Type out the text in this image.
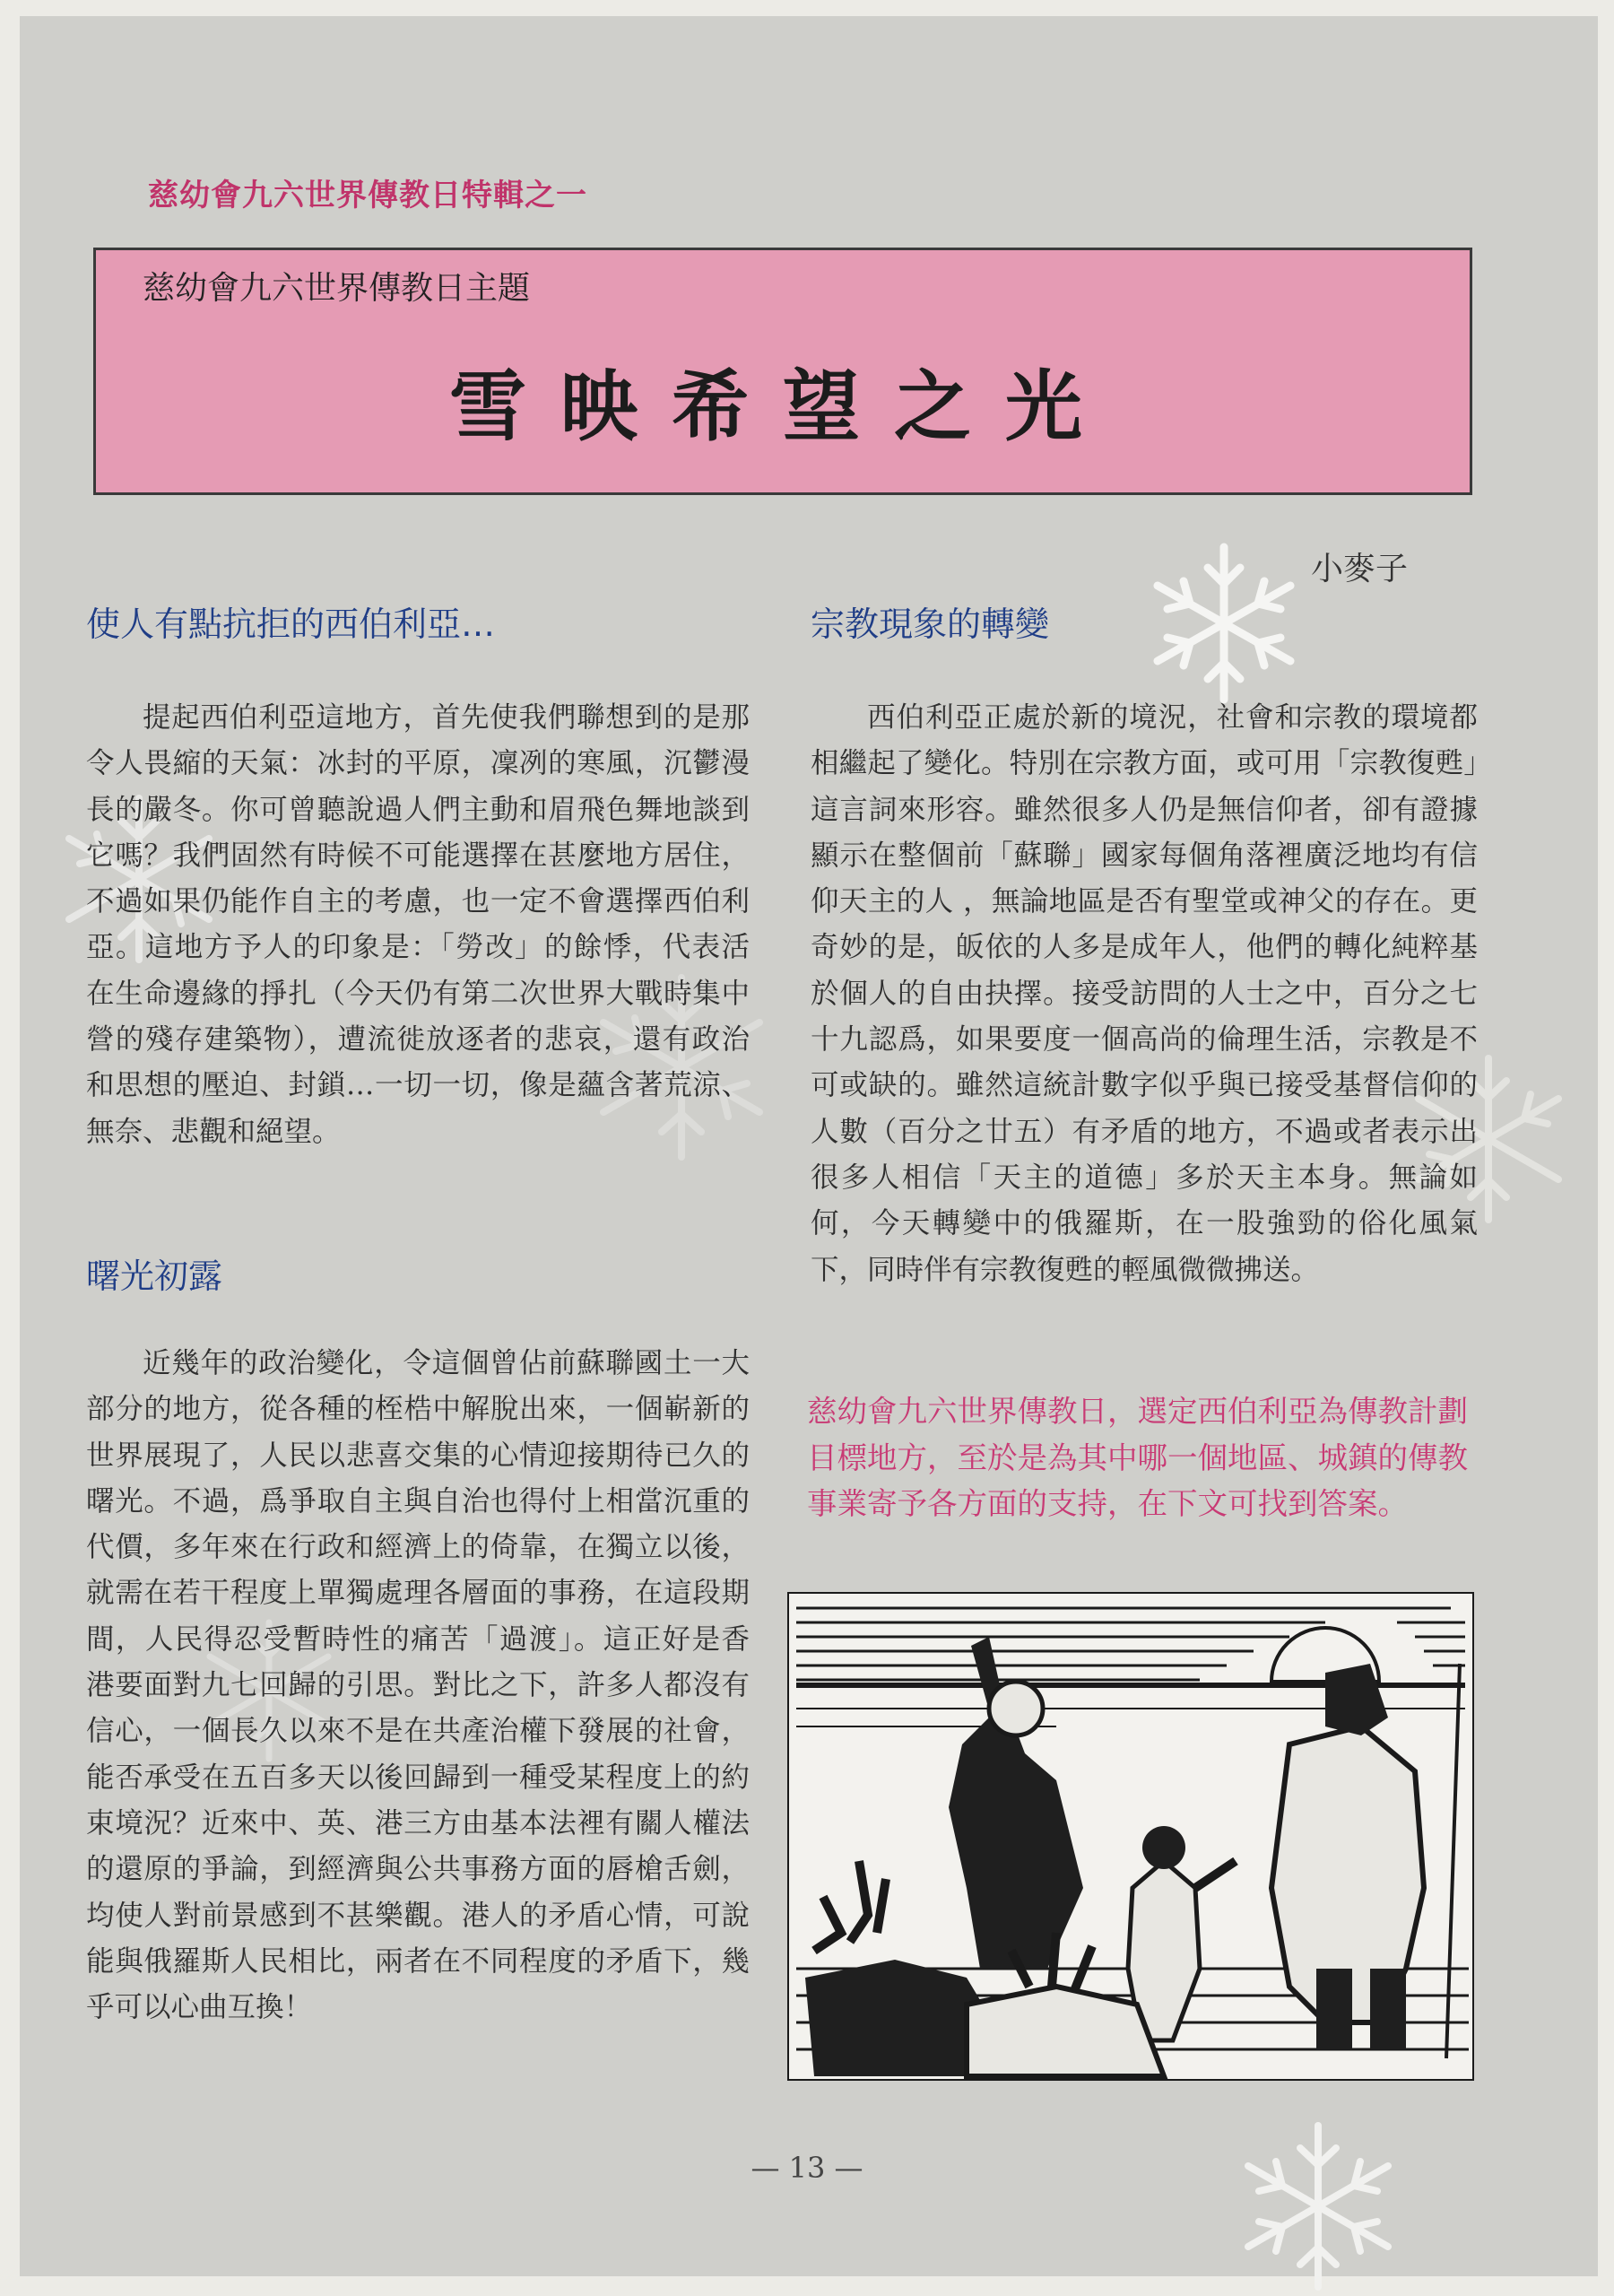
慈幼會九六世界傳教日特輯之一
慈幼會九六世界傳教日主題
雪映希望之光
小麥子
使人有點抗拒的西伯利亞…
提起西伯利亞這地方，首先使我們聯想到的是那令人畏縮的天氣：冰封的平原，凜冽的寒風，沉鬱漫長的嚴冬。你可曾聽說過人們主動和眉飛色舞地談到它嗎？我們固然有時候不可能選擇在甚麼地方居住，不過如果仍能作自主的考慮，也一定不會選擇西伯利亞。這地方予人的印象是：「勞改」的餘悸，代表活在生命邊緣的掙扎（今天仍有第二次世界大戰時集中營的殘存建築物），遭流徙放逐者的悲哀，還有政治和思想的壓迫、封鎖…一切一切，像是蘊含著荒涼、無奈、悲觀和絕望。
曙光初露
近幾年的政治變化，令這個曾佔前蘇聯國土一大部分的地方，從各種的桎梏中解脫出來，一個嶄新的世界展現了，人民以悲喜交集的心情迎接期待已久的曙光。不過，爲爭取自主與自治也得付上相當沉重的代價，多年來在行政和經濟上的倚靠，在獨立以後，就需在若干程度上單獨處理各層面的事務，在這段期間，人民得忍受暫時性的痛苦「過渡」。這正好是香港要面對九七回歸的引思。對比之下，許多人都沒有信心，一個長久以來不是在共產治權下發展的社會，能否承受在五百多天以後回歸到一種受某程度上的約束境況？近來中、英、港三方由基本法裡有關人權法的還原的爭論，到經濟與公共事務方面的唇槍舌劍，均使人對前景感到不甚樂觀。港人的矛盾心情，可說能與俄羅斯人民相比，兩者在不同程度的矛盾下，幾乎可以心曲互換！
宗教現象的轉變
西伯利亞正處於新的境況，社會和宗教的環境都相繼起了變化。特別在宗教方面，或可用「宗教復甦」這言詞來形容。雖然很多人仍是無信仰者，卻有證據顯示在整個前「蘇聯」國家每個角落裡廣泛地均有信仰天主的人 ，無論地區是否有聖堂或神父的存在。更奇妙的是，皈依的人多是成年人，他們的轉化純粹基於個人的自由抉擇。接受訪問的人士之中，百分之七十九認爲，如果要度一個高尚的倫理生活，宗教是不可或缺的。雖然這統計數字似乎與已接受基督信仰的人數（百分之廿五）有矛盾的地方，不過或者表示出很多人相信「天主的道德」多於天主本身。無論如何，今天轉變中的俄羅斯，在一股強勁的俗化風氣下，同時伴有宗教復甦的輕風微微拂送。
慈幼會九六世界傳教日，選定西伯利亞為傳教計劃目標地方，至於是為其中哪一個地區、城鎮的傳教事業寄予各方面的支持，在下文可找到答案。
— 13 —
